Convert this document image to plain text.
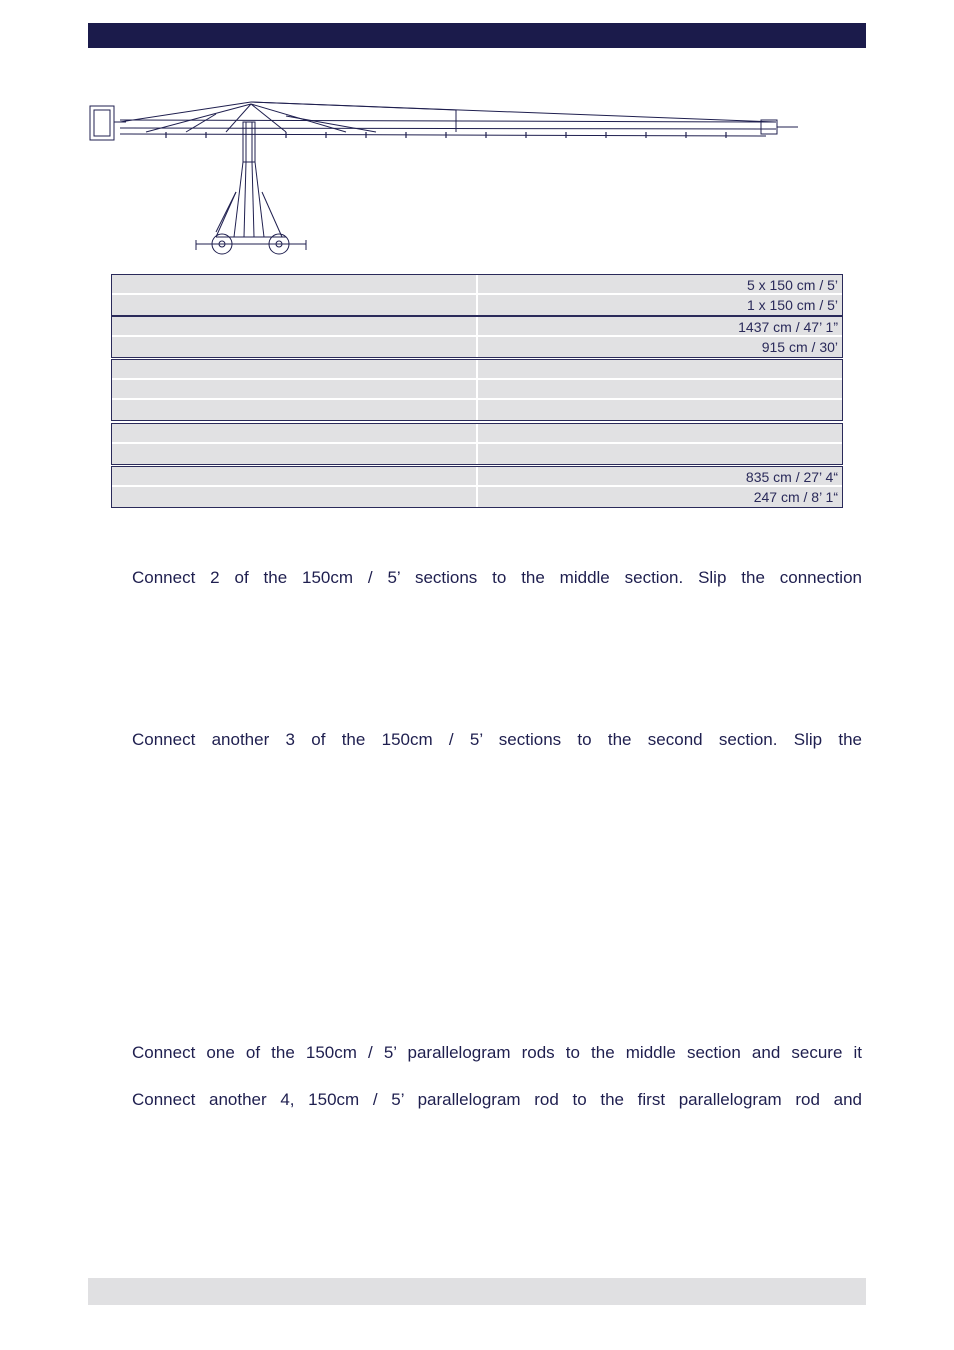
5 x 150 cm / 5’
1 x 150 cm / 5’
1437 cm / 47’ 1”
915 cm / 30’
835 cm / 27’ 4“
247 cm / 8’ 1“

Connect 2 of the 150cm / 5’ sections to the middle section. Slip the connection

Connect another 3 of the 150cm / 5’ sections to the second section. Slip the

Connect one of the 150cm / 5’ parallelogram rods to the middle section and secure it

Connect another 4, 150cm / 5’ parallelogram rod to the first parallelogram rod and
